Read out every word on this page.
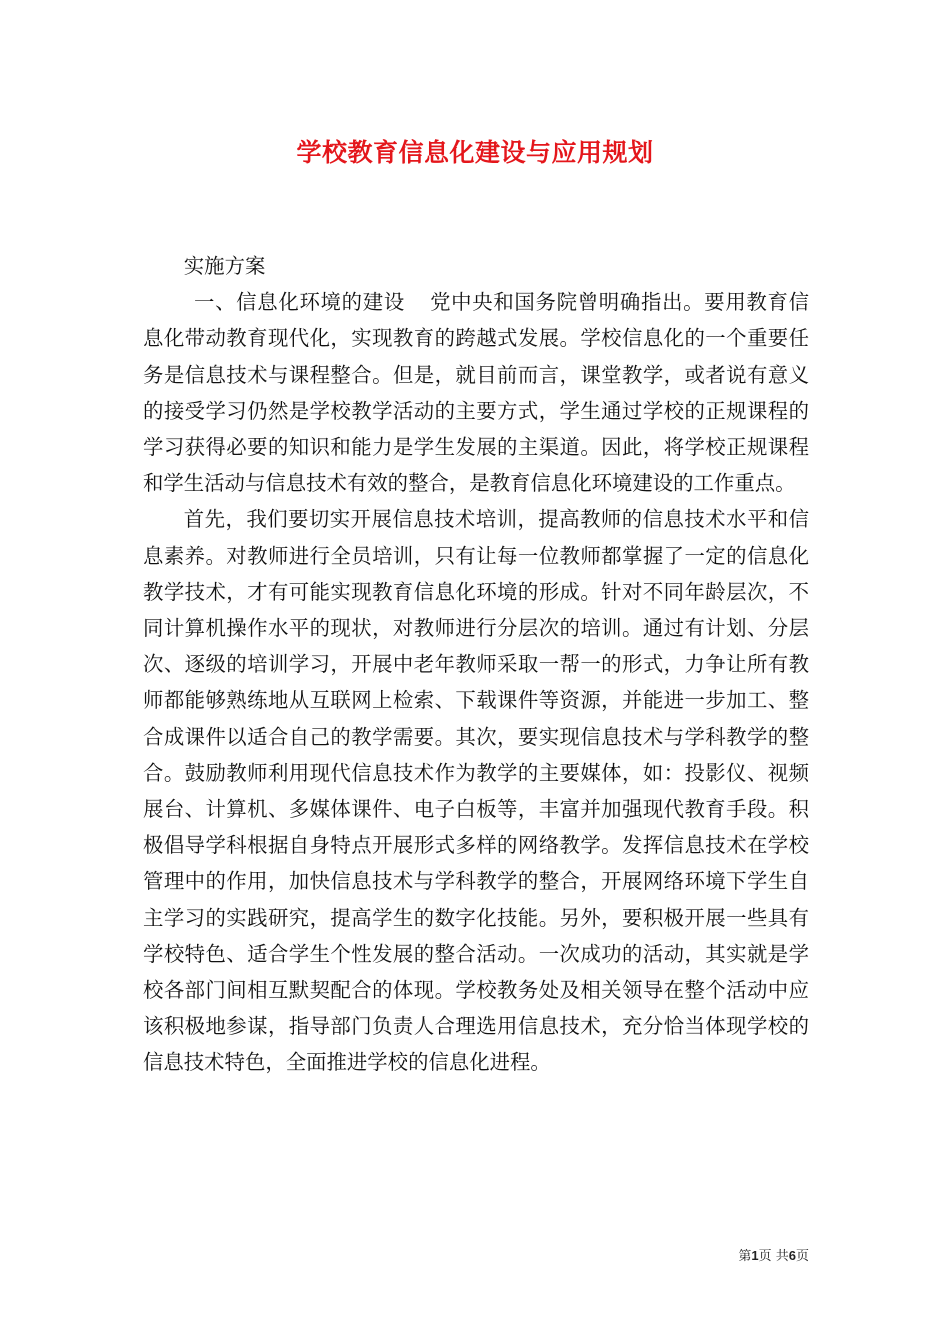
学校教育信息化建设与应用规划

实施方案

一、信息化环境的建设 党中央和国务院曾明确指出。要用教育信息化带动教育现代化，实现教育的跨越式发展。学校信息化的一个重要任务是信息技术与课程整合。但是，就目前而言，课堂教学，或者说有意义的接受学习仍然是学校教学活动的主要方式，学生通过学校的正规课程的学习获得必要的知识和能力是学生发展的主渠道。因此，将学校正规课程和学生活动与信息技术有效的整合，是教育信息化环境建设的工作重点。

首先，我们要切实开展信息技术培训，提高教师的信息技术水平和信息素养。对教师进行全员培训，只有让每一位教师都掌握了一定的信息化教学技术，才有可能实现教育信息化环境的形成。针对不同年龄层次，不同计算机操作水平的现状，对教师进行分层次的培训。通过有计划、分层次、逐级的培训学习，开展中老年教师采取一帮一的形式，力争让所有教师都能够熟练地从互联网上检索、下载课件等资源，并能进一步加工、整合成课件以适合自己的教学需要。其次，要实现信息技术与学科教学的整合。鼓励教师利用现代信息技术作为教学的主要媒体，如：投影仪、视频展台、计算机、多媒体课件、电子白板等，丰富并加强现代教育手段。积极倡导学科根据自身特点开展形式多样的网络教学。发挥信息技术在学校管理中的作用，加快信息技术与学科教学的整合，开展网络环境下学生自主学习的实践研究，提高学生的数字化技能。另外，要积极开展一些具有学校特色、适合学生个性发展的整合活动。一次成功的活动，其实就是学校各部门间相互默契配合的体现。学校教务处及相关领导在整个活动中应该积极地参谋，指导部门负责人合理选用信息技术，充分恰当体现学校的信息技术特色，全面推进学校的信息化进程。

第1页 共6页
